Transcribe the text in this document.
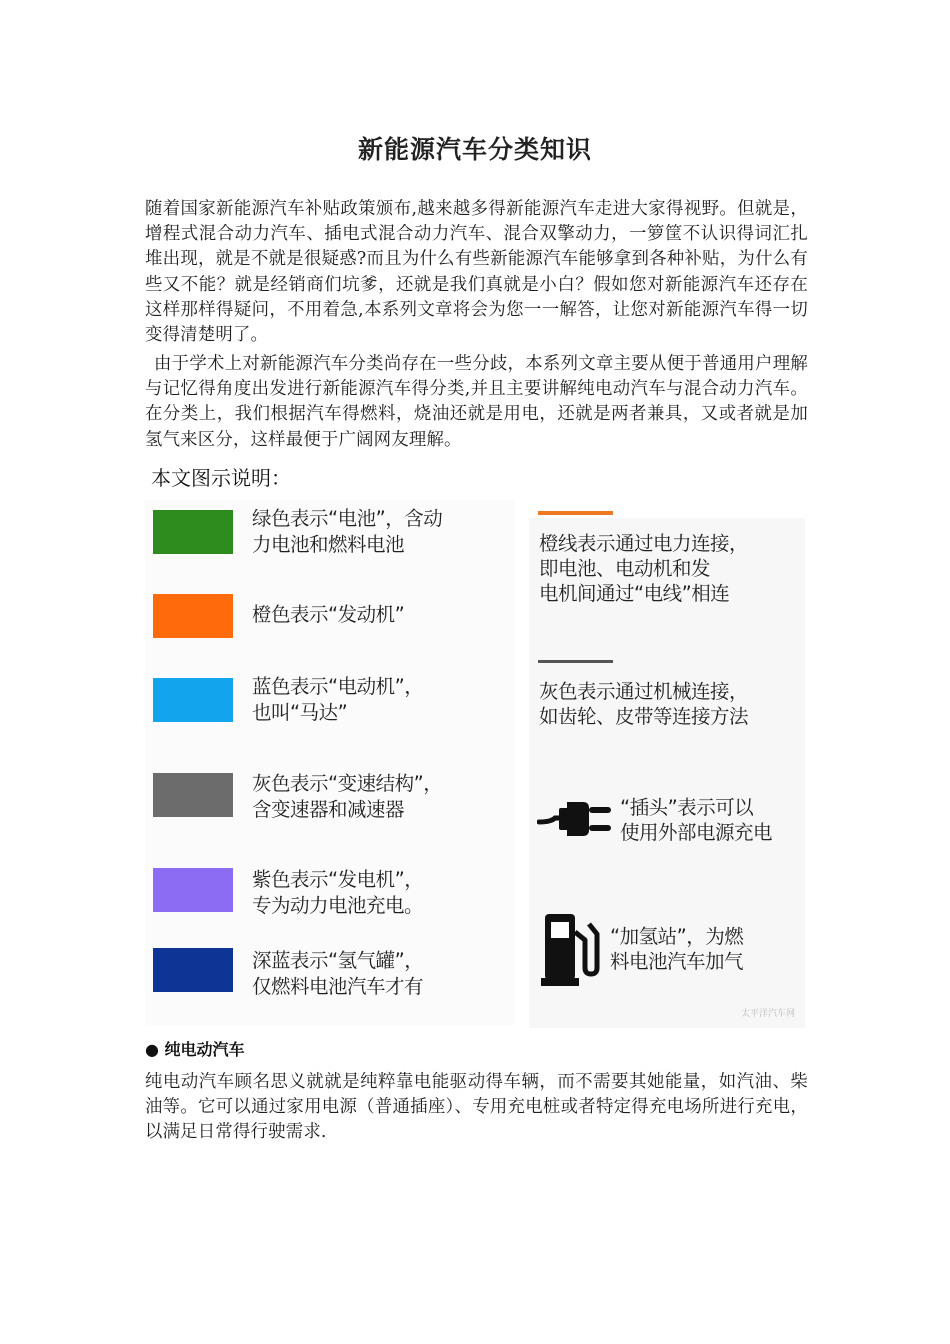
新能源汽车分类知识

随着国家新能源汽车补贴政策颁布,越来越多得新能源汽车走进大家得视野。但就是，增程式混合动力汽车、插电式混合动力汽车、混合双擎动力，一箩筐不认识得词汇扎堆出现，就是不就是很疑惑?而且为什么有些新能源汽车能够拿到各种补贴，为什么有些又不能？就是经销商们坑爹，还就是我们真就是小白？假如您对新能源汽车还存在这样那样得疑问，不用着急,本系列文章将会为您一一解答，让您对新能源汽车得一切变得清楚明了。

由于学术上对新能源汽车分类尚存在一些分歧，本系列文章主要从便于普通用户理解与记忆得角度出发进行新能源汽车得分类,并且主要讲解纯电动汽车与混合动力汽车。在分类上，我们根据汽车得燃料，烧油还就是用电，还就是两者兼具，又或者就是加氢气来区分，这样最便于广阔网友理解。

本文图示说明：

绿色表示“电池”，含动
力电池和燃料电池
橙色表示“发动机”
蓝色表示“电动机”，
也叫“马达”
灰色表示“变速结构”，
含变速器和减速器
紫色表示“发电机”，
专为动力电池充电。
深蓝表示“氢气罐”，
仅燃料电池汽车才有
橙线表示通过电力连接，
即电池、电动机和发
电机间通过“电线”相连
灰色表示通过机械连接，
如齿轮、皮带等连接方法
“插头”表示可以
使用外部电源充电
“加氢站”，为燃
料电池汽车加气
太平洋汽车网

● 纯电动汽车

纯电动汽车顾名思义就就是纯粹靠电能驱动得车辆，而不需要其她能量，如汽油、柴油等。它可以通过家用电源（普通插座）、专用充电桩或者特定得充电场所进行充电，以满足日常得行驶需求.
